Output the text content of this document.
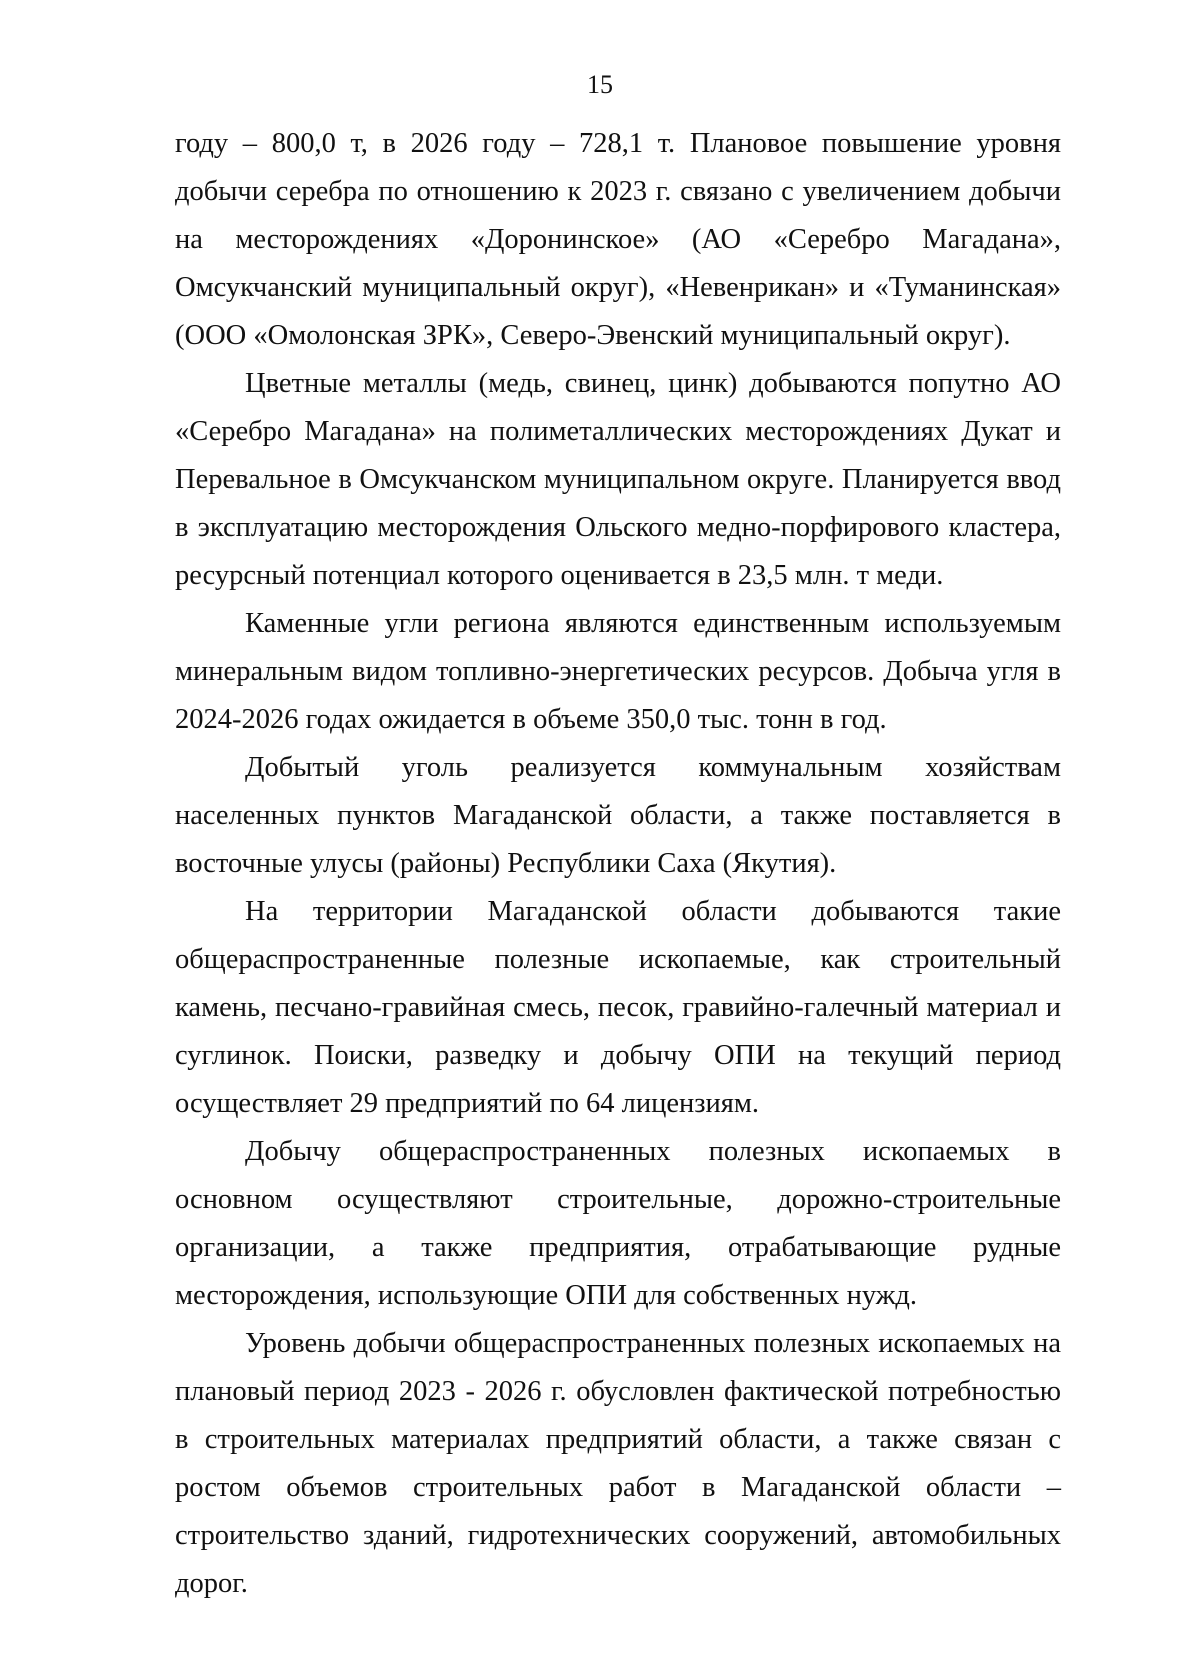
15

году – 800,0 т, в 2026 году – 728,1 т. Плановое повышение уровня добычи серебра по отношению к 2023 г. связано с увеличением добычи на месторождениях «Доронинское» (АО «Серебро Магадана», Омсукчанский муниципальный округ), «Невенрикан» и «Туманинская» (ООО «Омолонская ЗРК», Северо-Эвенский муниципальный округ).

Цветные металлы (медь, свинец, цинк) добываются попутно АО «Серебро Магадана» на полиметаллических месторождениях Дукат и Перевальное в Омсукчанском муниципальном округе. Планируется ввод в эксплуатацию месторождения Ольского медно-порфирового кластера, ресурсный потенциал которого оценивается в 23,5 млн. т меди.

Каменные угли региона являются единственным используемым минеральным видом топливно-энергетических ресурсов. Добыча угля в 2024-2026 годах ожидается в объеме 350,0 тыс. тонн в год.

Добытый уголь реализуется коммунальным хозяйствам населенных пунктов Магаданской области, а также поставляется в восточные улусы (районы) Республики Саха (Якутия).

На территории Магаданской области добываются такие общераспространенные полезные ископаемые, как строительный камень, песчано-гравийная смесь, песок, гравийно-галечный материал и суглинок. Поиски, разведку и добычу ОПИ на текущий период осуществляет 29 предприятий по 64 лицензиям.

Добычу общераспространенных полезных ископаемых в основном осуществляют строительные, дорожно-строительные организации, а также предприятия, отрабатывающие рудные месторождения, использующие ОПИ для собственных нужд.

Уровень добычи общераспространенных полезных ископаемых на плановый период 2023 - 2026 г. обусловлен фактической потребностью в строительных материалах предприятий области, а также связан с ростом объемов строительных работ в Магаданской области – строительство зданий, гидротехнических сооружений, автомобильных дорог.
